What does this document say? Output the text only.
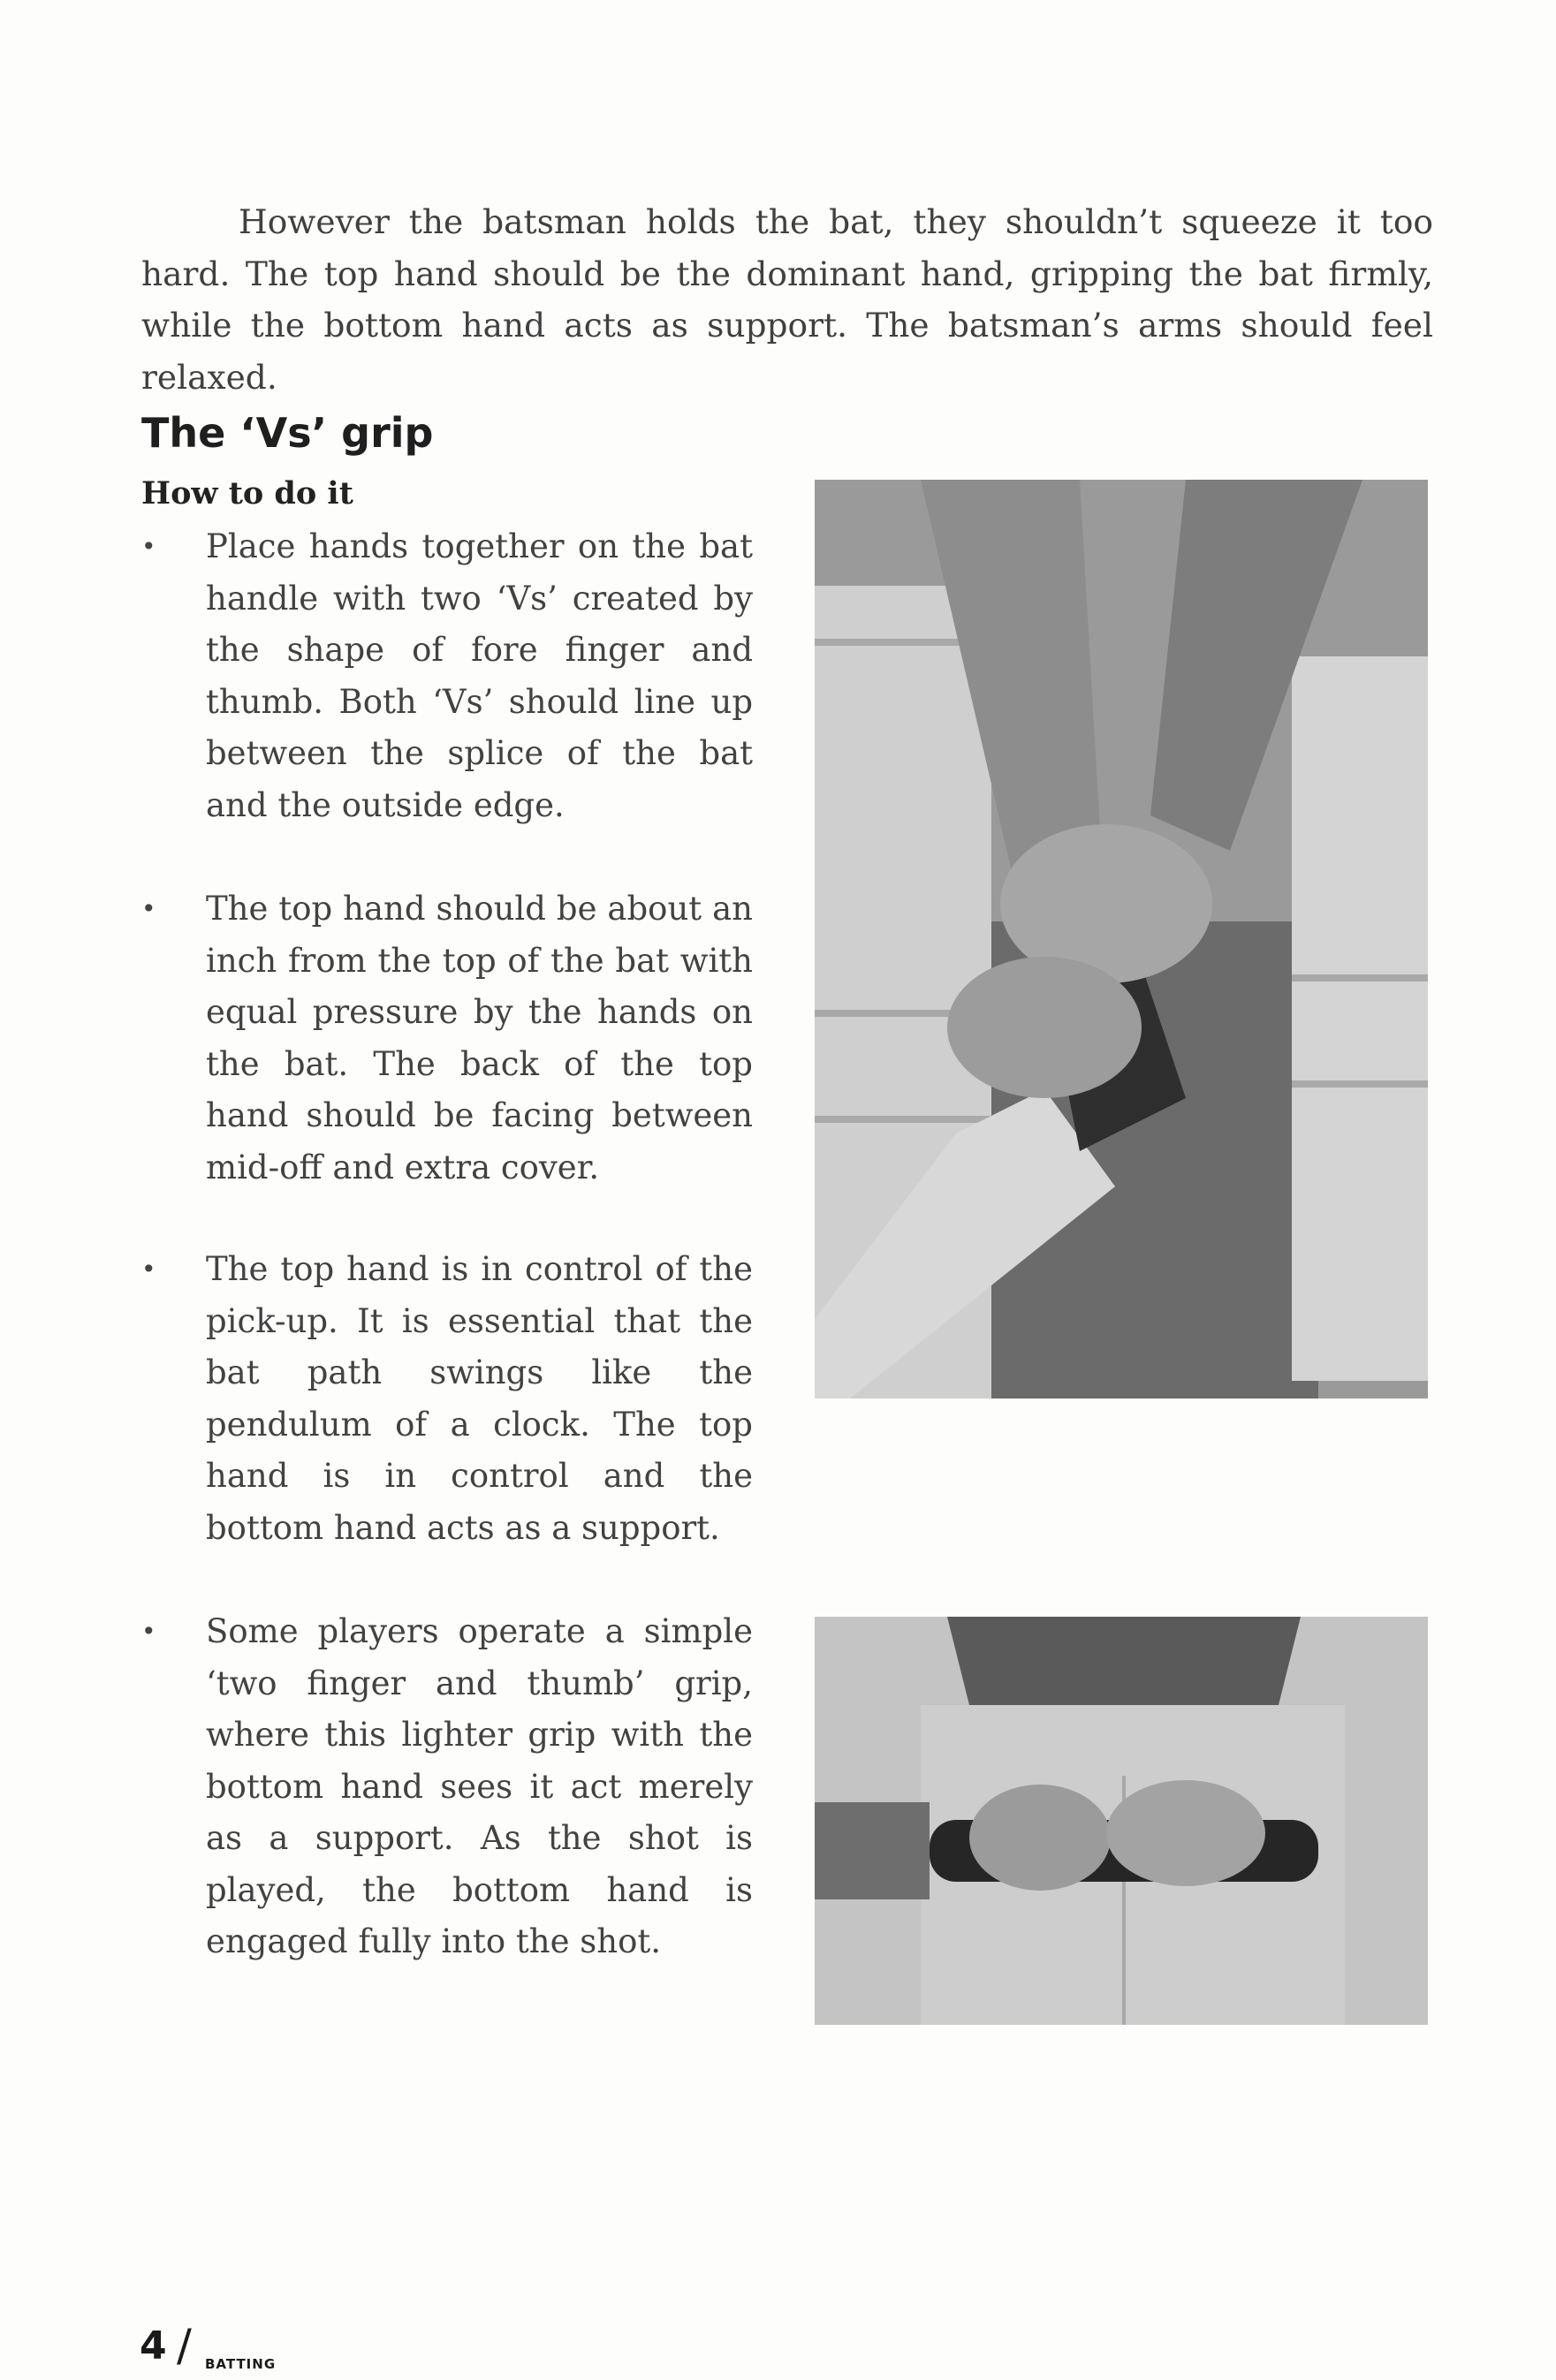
However the batsman holds the bat, they shouldn’t squeeze it too hard. The top hand should be the dominant hand, gripping the bat firmly, while the bottom hand acts as support. The batsman’s arms should feel relaxed.

The ‘Vs’ grip
How to do it
• Place hands together on the bat handle with two ‘Vs’ created by the shape of fore finger and thumb. Both ‘Vs’ should line up between the splice of the bat and the outside edge.
• The top hand should be about an inch from the top of the bat with equal pressure by the hands on the bat. The back of the top hand should be facing between mid-off and extra cover.
• The top hand is in control of the pick-up. It is essential that the bat path swings like the pendulum of a clock. The top hand is in control and the bottom hand acts as a support.
• Some players operate a simple ‘two finger and thumb’ grip, where this lighter grip with the bottom hand sees it act merely as a support. As the shot is played, the bottom hand is engaged fully into the shot.
4 / BATTING
